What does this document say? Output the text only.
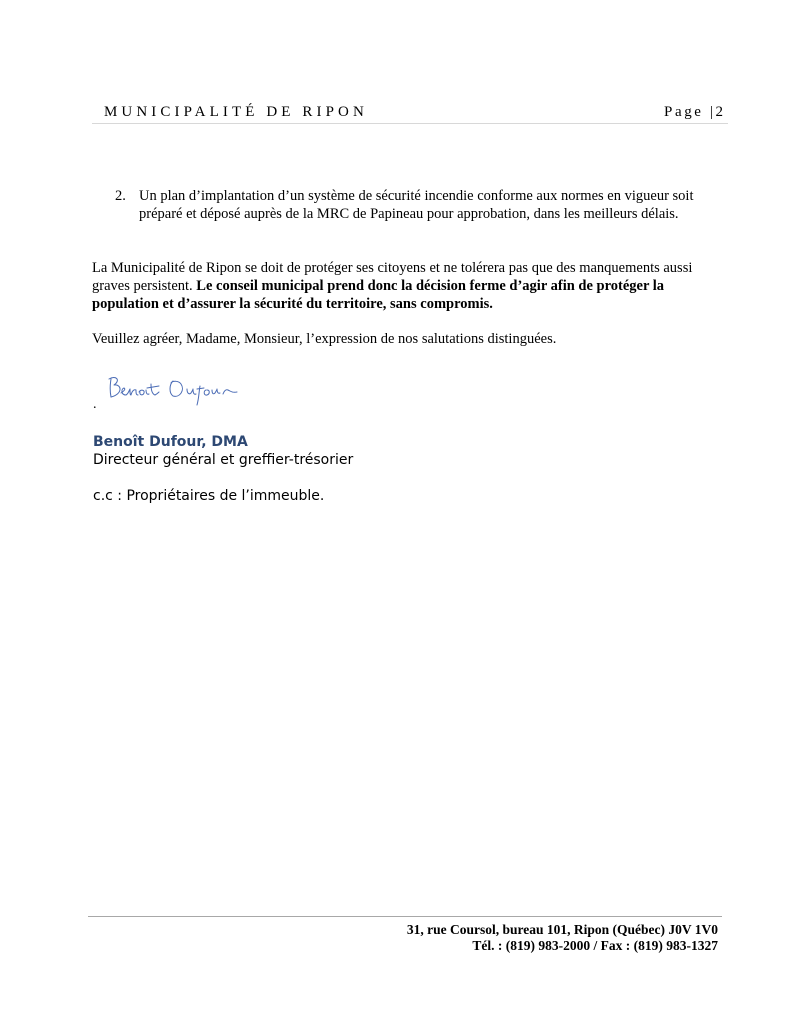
MUNICIPALITÉ DE RIPON	Page |2
2. Un plan d’implantation d’un système de sécurité incendie conforme aux normes en vigueur soit préparé et déposé auprès de la MRC de Papineau pour approbation, dans les meilleurs délais.
La Municipalité de Ripon se doit de protéger ses citoyens et ne tolérera pas que des manquements aussi graves persistent. Le conseil municipal prend donc la décision ferme d’agir afin de protéger la population et d’assurer la sécurité du territoire, sans compromis.
Veuillez agréer, Madame, Monsieur, l’expression de nos salutations distinguées.
.
Benoît Dufour, DMA
Directeur général et greffier-trésorier
c.c : Propriétaires de l’immeuble.
31, rue Coursol, bureau 101, Ripon (Québec) J0V 1V0
Tél. : (819) 983-2000 / Fax : (819) 983-1327
